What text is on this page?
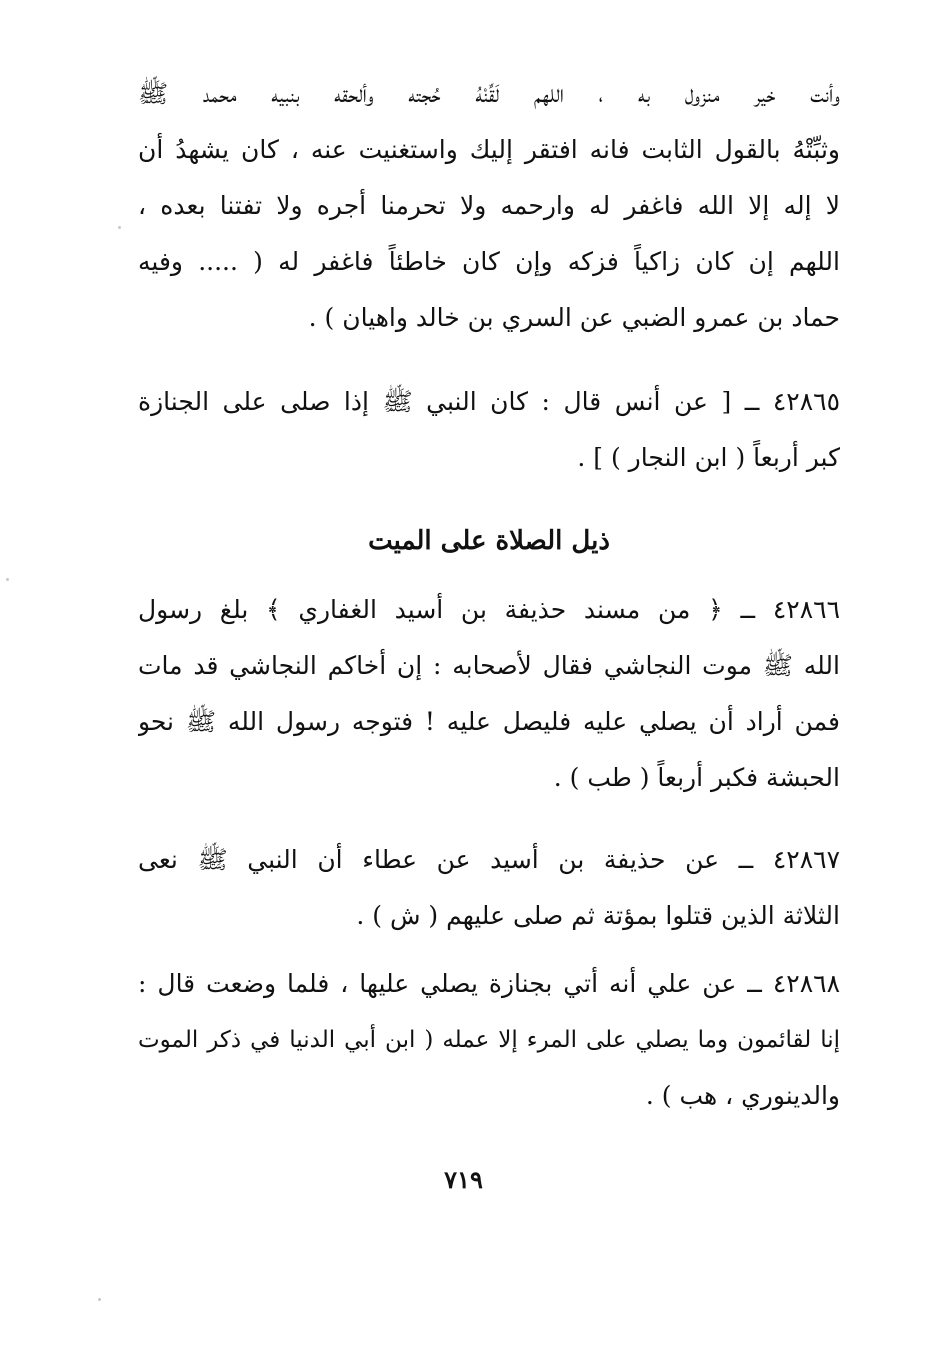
وأنت خير منزول به ، اللهم لَقِّنْهُ حُجته وألحقه بنبيه محمد ﷺ
وثبِّتْهُ بالقول الثابت فانه افتقر إليك واستغنيت عنه ، كان يشهدُ أن
لا إله إلا الله فاغفر له وارحمه ولا تحرمنا أجره ولا تفتنا بعده ،
اللهم إن كان زاكياً فزكه وإن كان خاطئاً فاغفر له ( ..... وفيه
حماد بن عمرو الضبي عن السري بن خالد واهيان ) .
٤٢٨٦٥ ــ [ عن أنس قال : كان النبي ﷺ إذا صلى على الجنازة
كبر أربعاً ( ابن النجار ) ] .
ذيل الصلاة على الميت
٤٢٨٦٦ ــ ﴿ من مسند حذيفة بن أسيد الغفاري ﴾ بلغ رسول
الله ﷺ موت النجاشي فقال لأصحابه : إن أخاكم النجاشي قد مات
فمن أراد أن يصلي عليه فليصل عليه ! فتوجه رسول الله ﷺ نحو
الحبشة فكبر أربعاً ( طب ) .
٤٢٨٦٧ ــ عن حذيفة بن أسيد عن عطاء أن النبي ﷺ نعى
الثلاثة الذين قتلوا بمؤتة ثم صلى عليهم ( ش ) .
٤٢٨٦٨ ــ عن علي أنه أتي بجنازة يصلي عليها ، فلما وضعت قال :
إنا لقائمون وما يصلي على المرء إلا عمله ( ابن أبي الدنيا في ذكر الموت
والدينوري ، هب ) .
٧١٩
